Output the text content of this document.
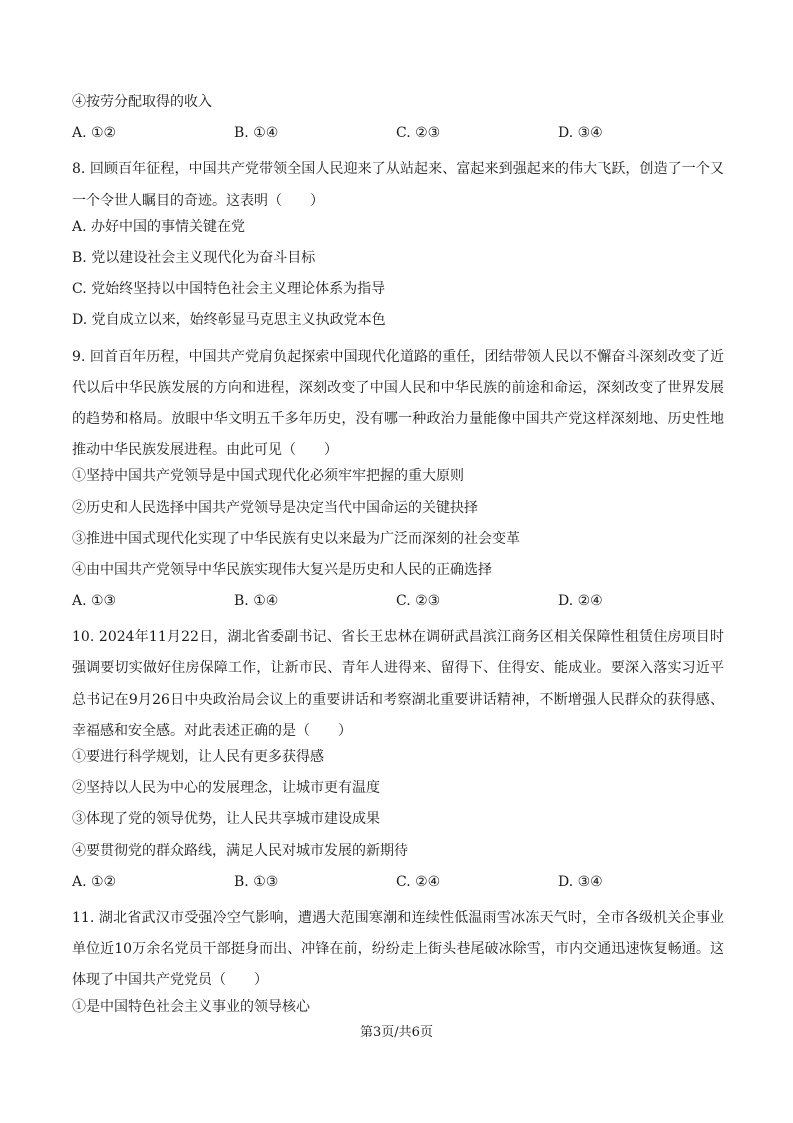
④按劳分配取得的收入
A. ①②	B. ①④	C. ②③	D. ③④

8. 回顾百年征程，中国共产党带领全国人民迎来了从站起来、富起来到强起来的伟大飞跃，创造了一个又一个令世人瞩目的奇迹。这表明（　　）

A. 办好中国的事情关键在党
B. 党以建设社会主义现代化为奋斗目标
C. 党始终坚持以中国特色社会主义理论体系为指导
D. 党自成立以来，始终彰显马克思主义执政党本色

9. 回首百年历程，中国共产党肩负起探索中国现代化道路的重任，团结带领人民以不懈奋斗深刻改变了近代以后中华民族发展的方向和进程，深刻改变了中国人民和中华民族的前途和命运，深刻改变了世界发展的趋势和格局。放眼中华文明五千多年历史，没有哪一种政治力量能像中国共产党这样深刻地、历史性地推动中华民族发展进程。由此可见（　　）

①坚持中国共产党领导是中国式现代化必须牢牢把握的重大原则
②历史和人民选择中国共产党领导是决定当代中国命运的关键抉择
③推进中国式现代化实现了中华民族有史以来最为广泛而深刻的社会变革
④由中国共产党领导中华民族实现伟大复兴是历史和人民的正确选择
A. ①③	B. ①④	C. ②③	D. ②④

10. 2024年11月22日，湖北省委副书记、省长王忠林在调研武昌滨江商务区相关保障性租赁住房项目时强调要切实做好住房保障工作，让新市民、青年人进得来、留得下、住得安、能成业。要深入落实习近平总书记在9月26日中央政治局会议上的重要讲话和考察湖北重要讲话精神，不断增强人民群众的获得感、幸福感和安全感。对此表述正确的是（　　）

①要进行科学规划，让人民有更多获得感
②坚持以人民为中心的发展理念，让城市更有温度
③体现了党的领导优势，让人民共享城市建设成果
④要贯彻党的群众路线，满足人民对城市发展的新期待
A. ①②	B. ①③	C. ②④	D. ③④

11. 湖北省武汉市受强冷空气影响，遭遇大范围寒潮和连续性低温雨雪冰冻天气时，全市各级机关企事业单位近10万余名党员干部挺身而出、冲锋在前，纷纷走上街头巷尾破冰除雪，市内交通迅速恢复畅通。这体现了中国共产党党员（　　）

①是中国特色社会主义事业的领导核心
第3页/共6页
